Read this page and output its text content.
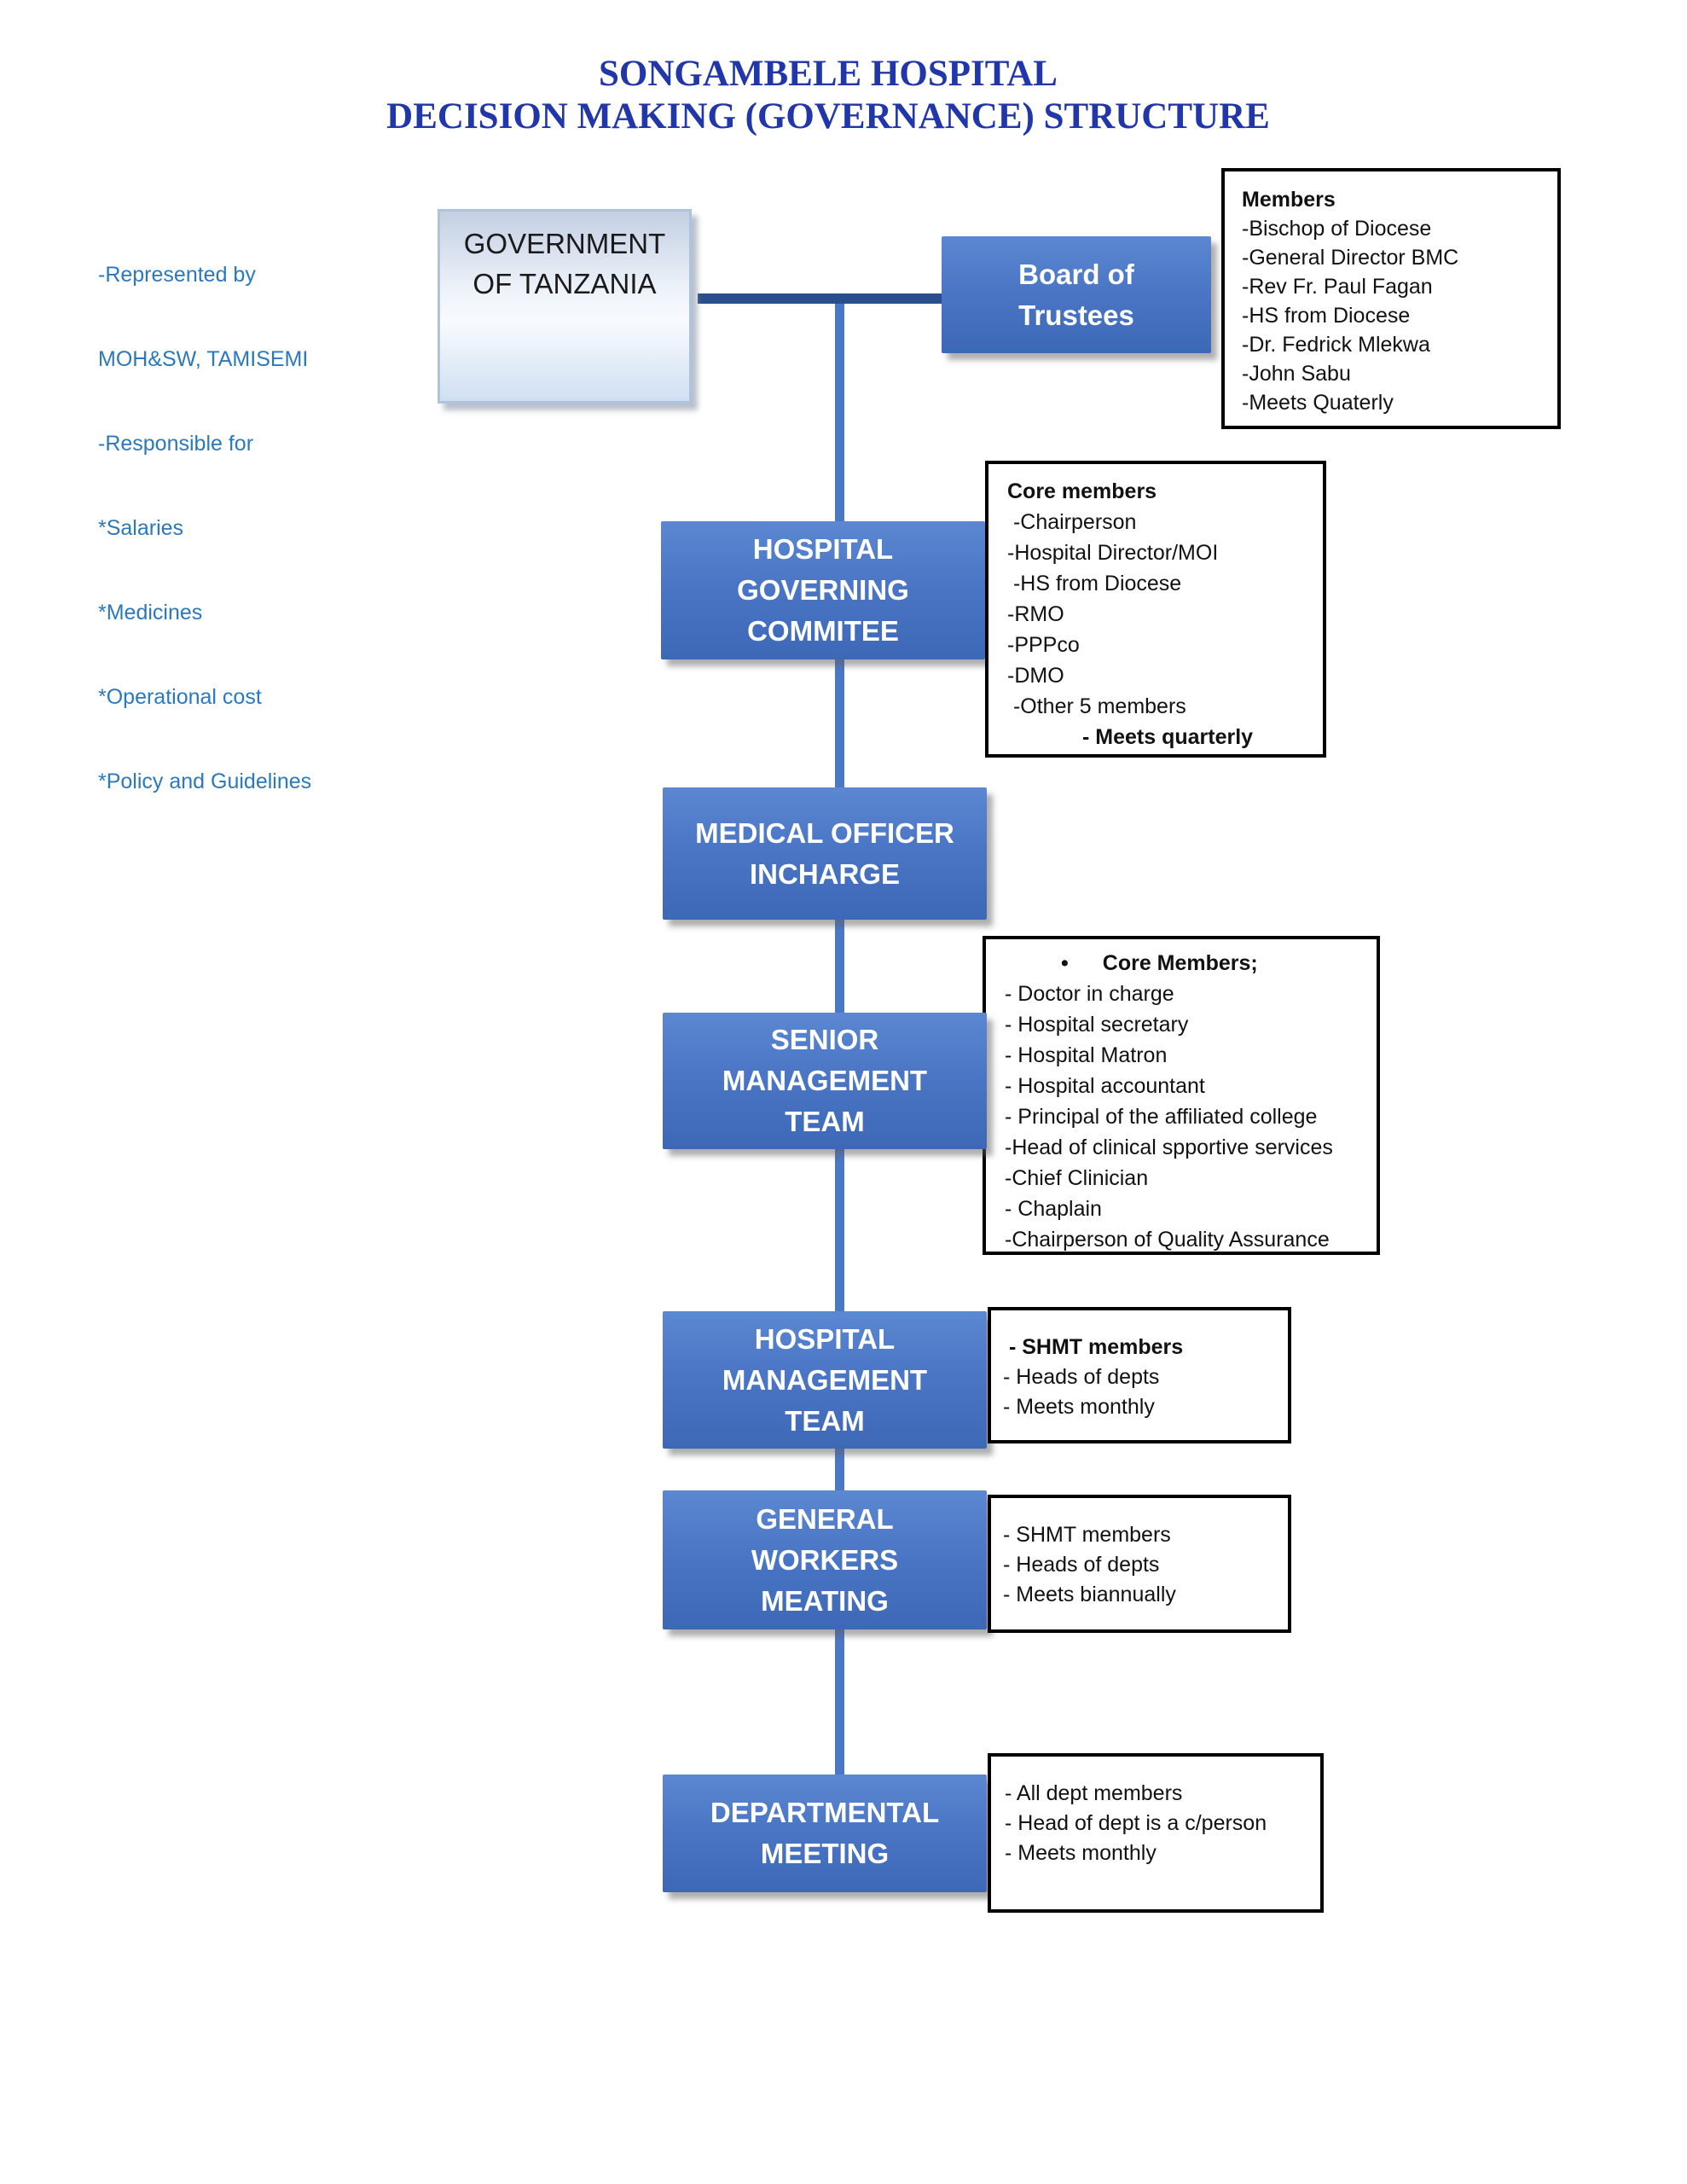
SONGAMBELE HOSPITAL
DECISION MAKING (GOVERNANCE) STRUCTURE

-Represented by

MOH&SW, TAMISEMI

-Responsible for

*Salaries

*Medicines

*Operational cost

*Policy and Guidelines

GOVERNMENT
OF TANZANIA	Board of
Trustees
Members
-Bischop of Diocese
-General Director BMC
-Rev Fr. Paul Fagan
-HS from Diocese
-Dr. Fedrick Mlekwa
-John Sabu
-Meets Quaterly
HOSPITAL
GOVERNING
COMMITEE
Core members
-Chairperson
-Hospital Director/MOI
-HS from Diocese
-RMO
-PPPco
-DMO
-Other 5 members
- Meets quarterly
MEDICAL OFFICER
INCHARGE
• Core Members;
- Doctor in charge
- Hospital secretary
- Hospital Matron
- Hospital accountant
- Principal of the affiliated college
-Head of clinical spportive services
-Chief Clinician
- Chaplain
-Chairperson of Quality Assurance
SENIOR
MANAGEMENT
TEAM
HOSPITAL
MANAGEMENT
TEAM
- SHMT members
- Heads of depts
- Meets monthly
GENERAL
WORKERS
MEATING
- SHMT members
- Heads of depts
- Meets biannually
DEPARTMENTAL
MEETING
- All dept members
- Head of dept is a c/person
- Meets monthly
